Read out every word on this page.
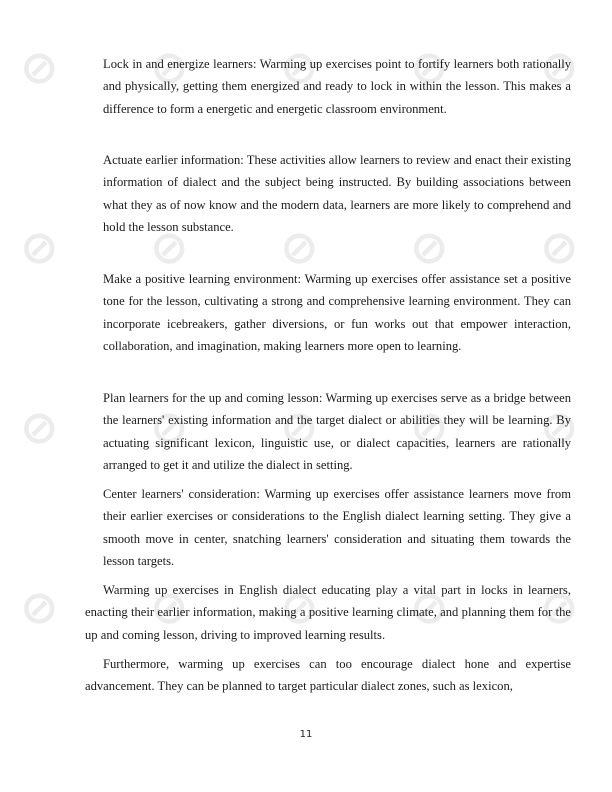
⊘ ⊘ ⊘ ⊘ ⊘
⊘ ⊘ ⊘ ⊘ ⊘
⊘ ⊘ ⊘ ⊘ ⊘
⊘ ⊘ ⊘ ⊘ ⊘
Lock in and energize learners: Warming up exercises point to fortify learners both rationally and physically, getting them energized and ready to lock in within the lesson. This makes a difference to form a energetic and energetic classroom environment.
Actuate earlier information: These activities allow learners to review and enact their existing information of dialect and the subject being instructed. By building associations between what they as of now know and the modern data, learners are more likely to comprehend and hold the lesson substance.
Make a positive learning environment: Warming up exercises offer assistance set a positive tone for the lesson, cultivating a strong and comprehensive learning environment. They can incorporate icebreakers, gather diversions, or fun works out that empower interaction, collaboration, and imagination, making learners more open to learning.
Plan learners for the up and coming lesson: Warming up exercises serve as a bridge between the learners' existing information and the target dialect or abilities they will be learning. By actuating significant lexicon, linguistic use, or dialect capacities, learners are rationally arranged to get it and utilize the dialect in setting.
Center learners' consideration: Warming up exercises offer assistance learners move from their earlier exercises or considerations to the English dialect learning setting. They give a smooth move in center, snatching learners' consideration and situating them towards the lesson targets.
Warming up exercises in English dialect educating play a vital part in locks in learners, enacting their earlier information, making a positive learning climate, and planning them for the up and coming lesson, driving to improved learning results.
Furthermore, warming up exercises can too encourage dialect hone and expertise advancement. They can be planned to target particular dialect zones, such as lexicon,
11
